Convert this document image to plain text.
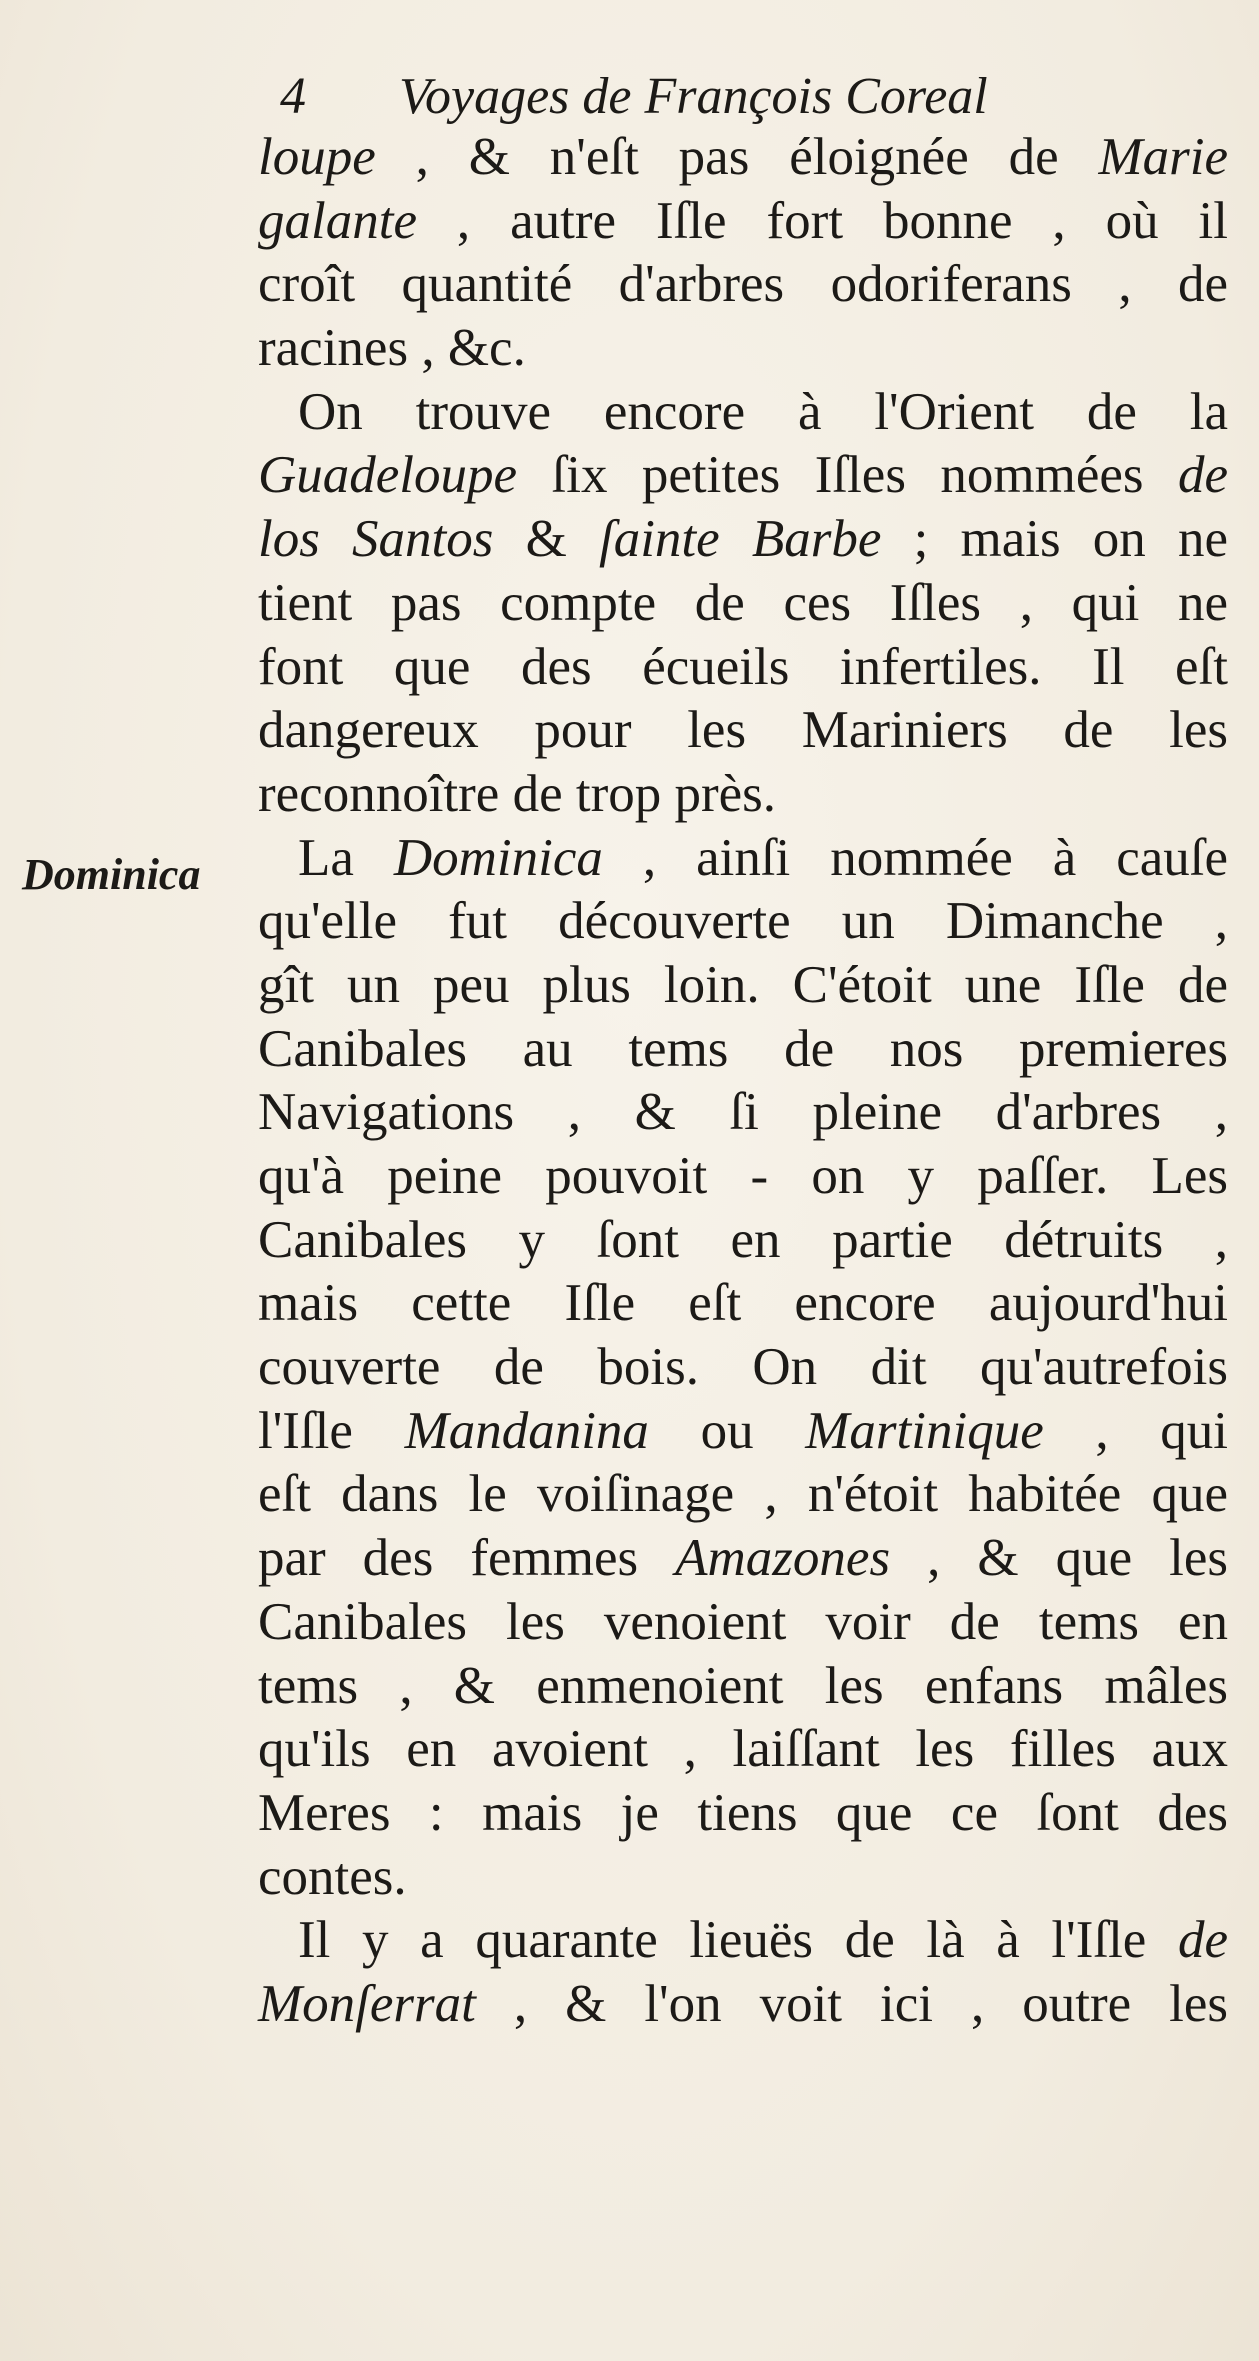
4 Voyages de François Coreal
Dominica
loupe , & n'eſt pas éloignée de Marie
galante , autre Iſle fort bonne , où il
croît quantité d'arbres odoriferans , de
racines , &c.
On trouve encore à l'Orient de la
Guadeloupe ſix petites Iſles nommées de
los Santos & ſainte Barbe ; mais on ne
tient pas compte de ces Iſles , qui ne
font que des écueils infertiles. Il eſt
dangereux pour les Mariniers de les
reconnoître de trop près.
La Dominica , ainſi nommée à cauſe
qu'elle fut découverte un Dimanche ,
gît un peu plus loin. C'étoit une Iſle de
Canibales au tems de nos premieres
Navigations , & ſi pleine d'arbres ,
qu'à peine pouvoit - on y paſſer. Les
Canibales y ſont en partie détruits ,
mais cette Iſle eſt encore aujourd'hui
couverte de bois. On dit qu'autrefois
l'Iſle Mandanina ou Martinique , qui
eſt dans le voiſinage , n'étoit habitée que
par des femmes Amazones , & que les
Canibales les venoient voir de tems en
tems , & enmenoient les enfans mâles
qu'ils en avoient , laiſſant les filles aux
Meres : mais je tiens que ce ſont des
contes.
Il y a quarante lieuës de là à l'Iſle de
Monſerrat , & l'on voit ici , outre les
